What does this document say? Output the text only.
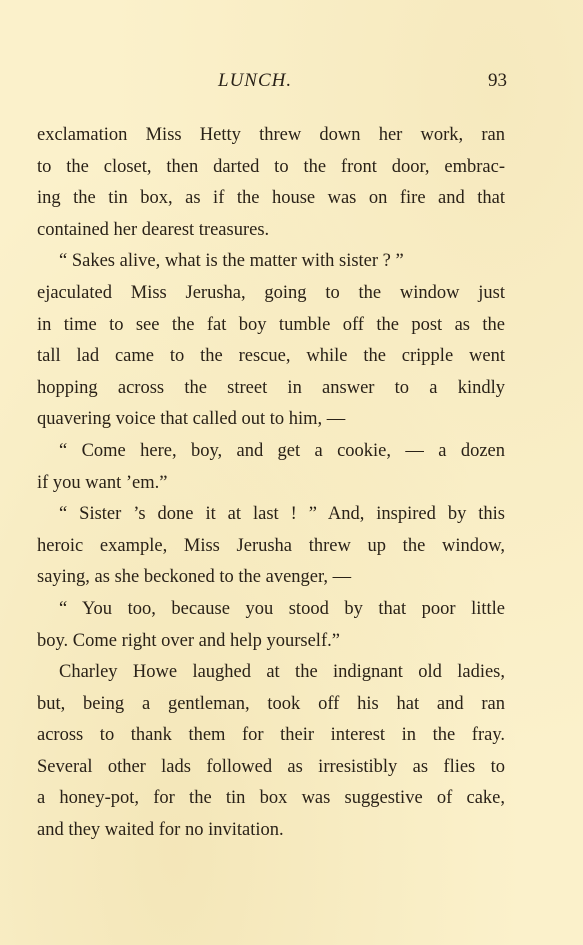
LUNCH.	93
exclamation Miss Hetty threw down her work, ran
to the closet, then darted to the front door, embrac-
ing the tin box, as if the house was on fire and that
contained her dearest treasures.
“ Sakes alive, what is the matter with sister ? ”
ejaculated Miss Jerusha, going to the window just
in time to see the fat boy tumble off the post as the
tall lad came to the rescue, while the cripple went
hopping across the street in answer to a kindly
quavering voice that called out to him, —
“ Come here, boy, and get a cookie, — a dozen
if you want ’em.”
“ Sister ’s done it at last ! ” And, inspired by this
heroic example, Miss Jerusha threw up the window,
saying, as she beckoned to the avenger, —
“ You too, because you stood by that poor little
boy. Come right over and help yourself.”
Charley Howe laughed at the indignant old ladies,
but, being a gentleman, took off his hat and ran
across to thank them for their interest in the fray.
Several other lads followed as irresistibly as flies to
a honey-pot, for the tin box was suggestive of cake,
and they waited for no invitation.
